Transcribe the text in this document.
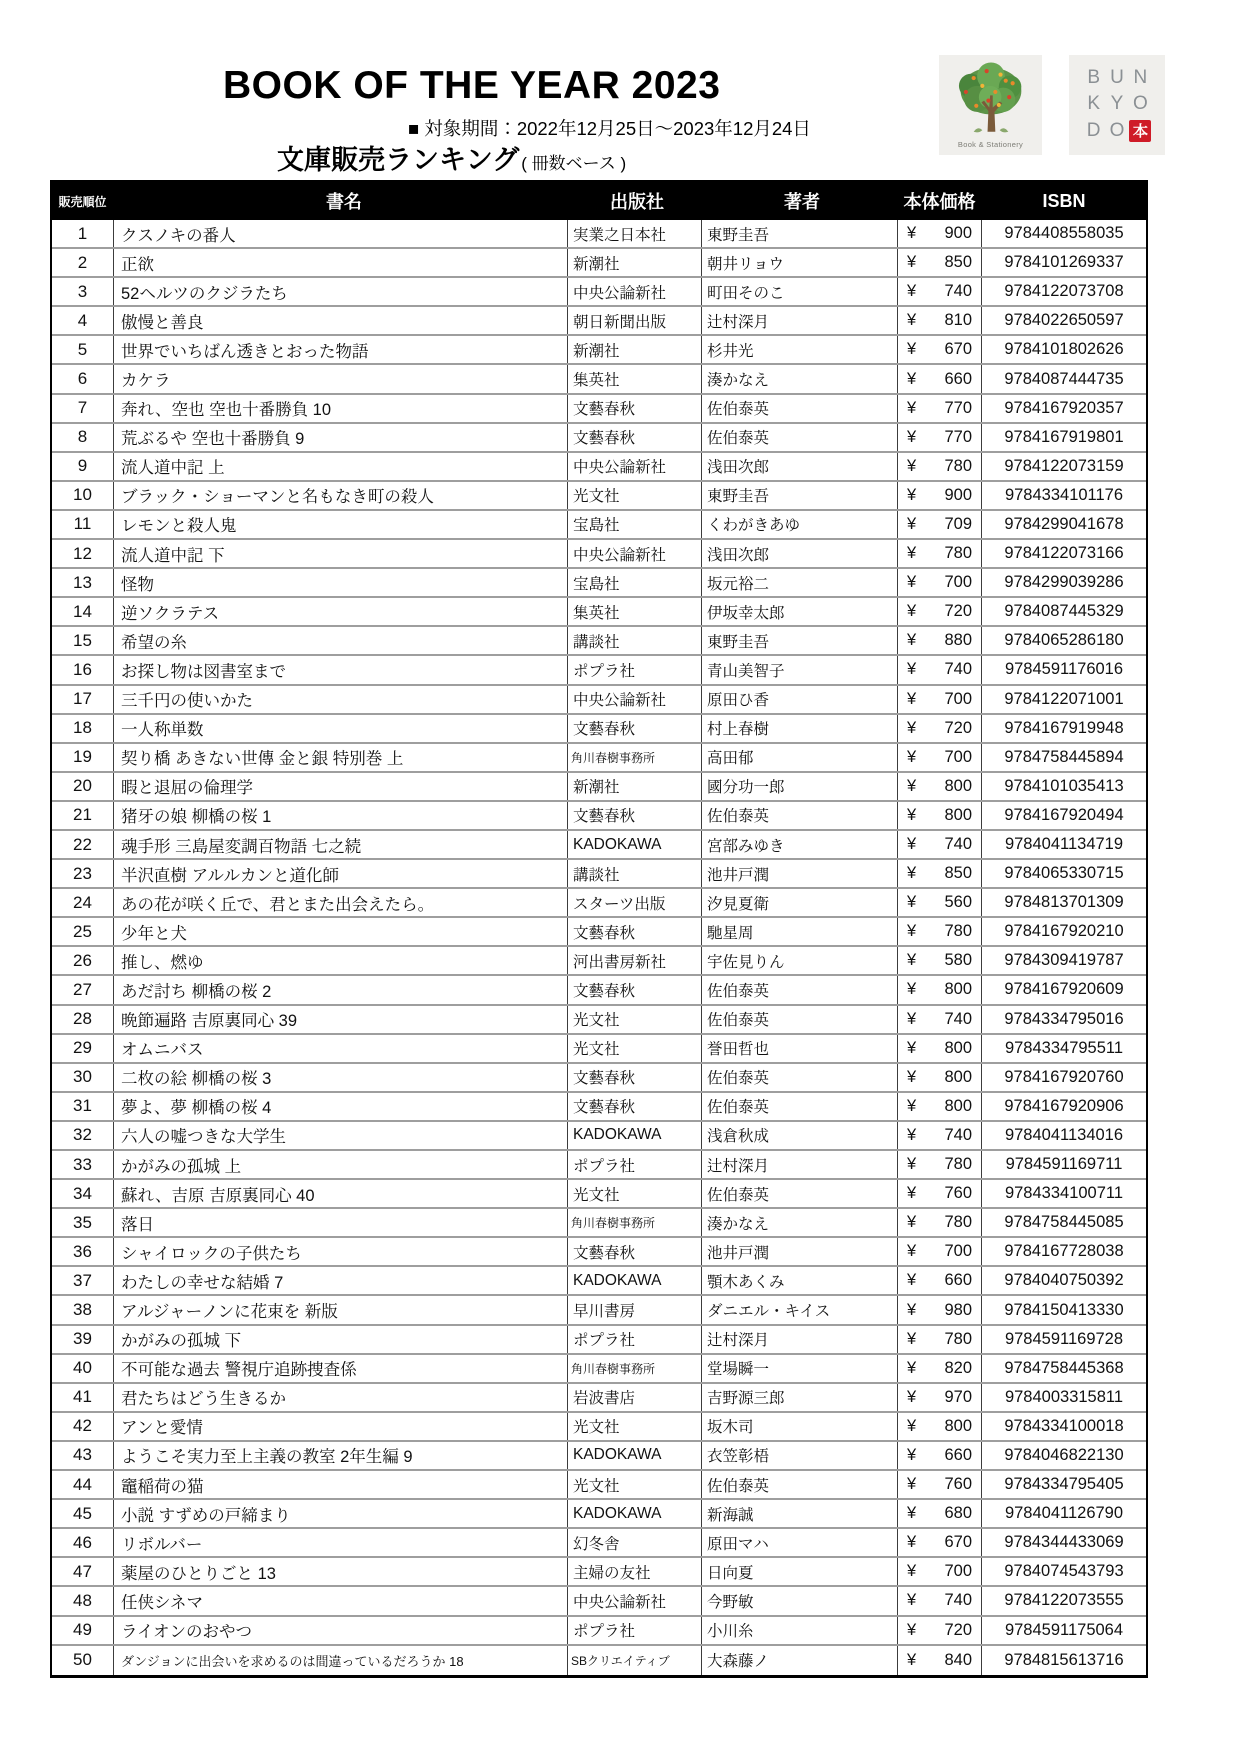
BOOK OF THE YEAR 2023
■ 対象期間：2022年12月25日～2023年12月24日
文庫販売ランキング ( 冊数ベース )
Book & Stationery
B U N
K Y O
D O 本
販売順位	書名	出版社	著者	本体価格	ISBN
1	クスノキの番人	実業之日本社	東野圭吾	¥ 900	9784408558035
2	正欲	新潮社	朝井リョウ	¥ 850	9784101269337
3	52ヘルツのクジラたち	中央公論新社	町田そのこ	¥ 740	9784122073708
4	傲慢と善良	朝日新聞出版	辻村深月	¥ 810	9784022650597
5	世界でいちばん透きとおった物語	新潮社	杉井光	¥ 670	9784101802626
6	カケラ	集英社	湊かなえ	¥ 660	9784087444735
7	奔れ、空也 空也十番勝負 10	文藝春秋	佐伯泰英	¥ 770	9784167920357
8	荒ぶるや 空也十番勝負 9	文藝春秋	佐伯泰英	¥ 770	9784167919801
9	流人道中記 上	中央公論新社	浅田次郎	¥ 780	9784122073159
10	ブラック・ショーマンと名もなき町の殺人	光文社	東野圭吾	¥ 900	9784334101176
11	レモンと殺人鬼	宝島社	くわがきあゆ	¥ 709	9784299041678
12	流人道中記 下	中央公論新社	浅田次郎	¥ 780	9784122073166
13	怪物	宝島社	坂元裕二	¥ 700	9784299039286
14	逆ソクラテス	集英社	伊坂幸太郎	¥ 720	9784087445329
15	希望の糸	講談社	東野圭吾	¥ 880	9784065286180
16	お探し物は図書室まで	ポプラ社	青山美智子	¥ 740	9784591176016
17	三千円の使いかた	中央公論新社	原田ひ香	¥ 700	9784122071001
18	一人称単数	文藝春秋	村上春樹	¥ 720	9784167919948
19	契り橋 あきない世傳 金と銀 特別巻 上	角川春樹事務所	高田郁	¥ 700	9784758445894
20	暇と退屈の倫理学	新潮社	國分功一郎	¥ 800	9784101035413
21	猪牙の娘 柳橋の桜 1	文藝春秋	佐伯泰英	¥ 800	9784167920494
22	魂手形 三島屋変調百物語 七之続	KADOKAWA	宮部みゆき	¥ 740	9784041134719
23	半沢直樹 アルルカンと道化師	講談社	池井戸潤	¥ 850	9784065330715
24	あの花が咲く丘で、君とまた出会えたら。	スターツ出版	汐見夏衛	¥ 560	9784813701309
25	少年と犬	文藝春秋	馳星周	¥ 780	9784167920210
26	推し、燃ゆ	河出書房新社	宇佐見りん	¥ 580	9784309419787
27	あだ討ち 柳橋の桜 2	文藝春秋	佐伯泰英	¥ 800	9784167920609
28	晩節遍路 吉原裏同心 39	光文社	佐伯泰英	¥ 740	9784334795016
29	オムニバス	光文社	誉田哲也	¥ 800	9784334795511
30	二枚の絵 柳橋の桜 3	文藝春秋	佐伯泰英	¥ 800	9784167920760
31	夢よ、夢 柳橋の桜 4	文藝春秋	佐伯泰英	¥ 800	9784167920906
32	六人の嘘つきな大学生	KADOKAWA	浅倉秋成	¥ 740	9784041134016
33	かがみの孤城 上	ポプラ社	辻村深月	¥ 780	9784591169711
34	蘇れ、吉原 吉原裏同心 40	光文社	佐伯泰英	¥ 760	9784334100711
35	落日	角川春樹事務所	湊かなえ	¥ 780	9784758445085
36	シャイロックの子供たち	文藝春秋	池井戸潤	¥ 700	9784167728038
37	わたしの幸せな結婚 7	KADOKAWA	顎木あくみ	¥ 660	9784040750392
38	アルジャーノンに花束を 新版	早川書房	ダニエル・キイス	¥ 980	9784150413330
39	かがみの孤城 下	ポプラ社	辻村深月	¥ 780	9784591169728
40	不可能な過去 警視庁追跡捜査係	角川春樹事務所	堂場瞬一	¥ 820	9784758445368
41	君たちはどう生きるか	岩波書店	吉野源三郎	¥ 970	9784003315811
42	アンと愛情	光文社	坂木司	¥ 800	9784334100018
43	ようこそ実力至上主義の教室 2年生編 9	KADOKAWA	衣笠彰梧	¥ 660	9784046822130
44	竈稲荷の猫	光文社	佐伯泰英	¥ 760	9784334795405
45	小説 すずめの戸締まり	KADOKAWA	新海誠	¥ 680	9784041126790
46	リボルバー	幻冬舎	原田マハ	¥ 670	9784344433069
47	薬屋のひとりごと 13	主婦の友社	日向夏	¥ 700	9784074543793
48	任侠シネマ	中央公論新社	今野敏	¥ 740	9784122073555
49	ライオンのおやつ	ポプラ社	小川糸	¥ 720	9784591175064
50	ダンジョンに出会いを求めるのは間違っているだろうか 18	SBクリエイティブ	大森藤ノ	¥ 840	9784815613716
